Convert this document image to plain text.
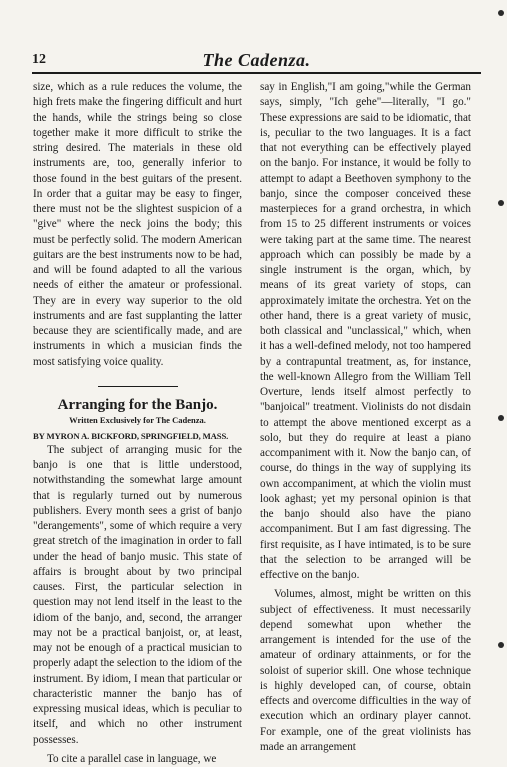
12	The Cadenza.

size, which as a rule reduces the volume, the high frets make the fingering difficult and hurt the hands, while the strings being so close together make it more difficult to strike the string desired. The materials in these old instruments are, too, generally inferior to those found in the best guitars of the present. In order that a guitar may be easy to finger, there must not be the slightest suspicion of a "give" where the neck joins the body; this must be perfectly solid. The modern American guitars are the best instruments now to be had, and will be found adapted to all the various needs of either the amateur or professional. They are in every way superior to the old instruments and are fast supplanting the latter because they are scientifically made, and are instruments in which a musician finds the most satisfying voice quality.

Arranging for the Banjo.
Written Exclusively for The Cadenza.
BY MYRON A. BICKFORD, SPRINGFIELD, MASS.

The subject of arranging music for the banjo is one that is little understood, notwithstanding the somewhat large amount that is regularly turned out by numerous publishers. Every month sees a grist of banjo "derangements", some of which require a very great stretch of the imagination in order to fall under the head of banjo music. This state of affairs is brought about by two principal causes. First, the particular selection in question may not lend itself in the least to the idiom of the banjo, and, second, the arranger may not be a practical banjoist, or, at least, may not be enough of a practical musician to properly adapt the selection to the idiom of the instrument. By idiom, I mean that particular or characteristic manner the banjo has of expressing musical ideas, which is peculiar to itself, and which no other instrument possesses.

To cite a parallel case in language, we

say in English,"I am going,"while the German says, simply, "Ich gehe"—literally, "I go." These expressions are said to be idiomatic, that is, peculiar to the two languages. It is a fact that not everything can be effectively played on the banjo. For instance, it would be folly to attempt to adapt a Beethoven symphony to the banjo, since the composer conceived these masterpieces for a grand orchestra, in which from 15 to 25 different instruments or voices were taking part at the same time. The nearest approach which can possibly be made by a single instrument is the organ, which, by means of its great variety of stops, can approximately imitate the orchestra. Yet on the other hand, there is a great variety of music, both classical and "unclassical," which, when it has a well-defined melody, not too hampered by a contrapuntal treatment, as, for instance, the well-known Allegro from the William Tell Overture, lends itself almost perfectly to "banjoical" treatment. Violinists do not disdain to attempt the above mentioned excerpt as a solo, but they do require at least a piano accompaniment with it. Now the banjo can, of course, do things in the way of supplying its own accompaniment, at which the violin must look aghast; yet my personal opinion is that the banjo should also have the piano accompaniment. But I am fast digressing. The first requisite, as I have intimated, is to be sure that the selection to be arranged will be effective on the banjo.

Volumes, almost, might be written on this subject of effectiveness. It must necessarily depend somewhat upon whether the arrangement is intended for the use of the amateur of ordinary attainments, or for the soloist of superior skill. One whose technique is highly developed can, of course, obtain effects and overcome difficulties in the way of execution which an ordinary player cannot. For example, one of the great violinists has made an arrangement
